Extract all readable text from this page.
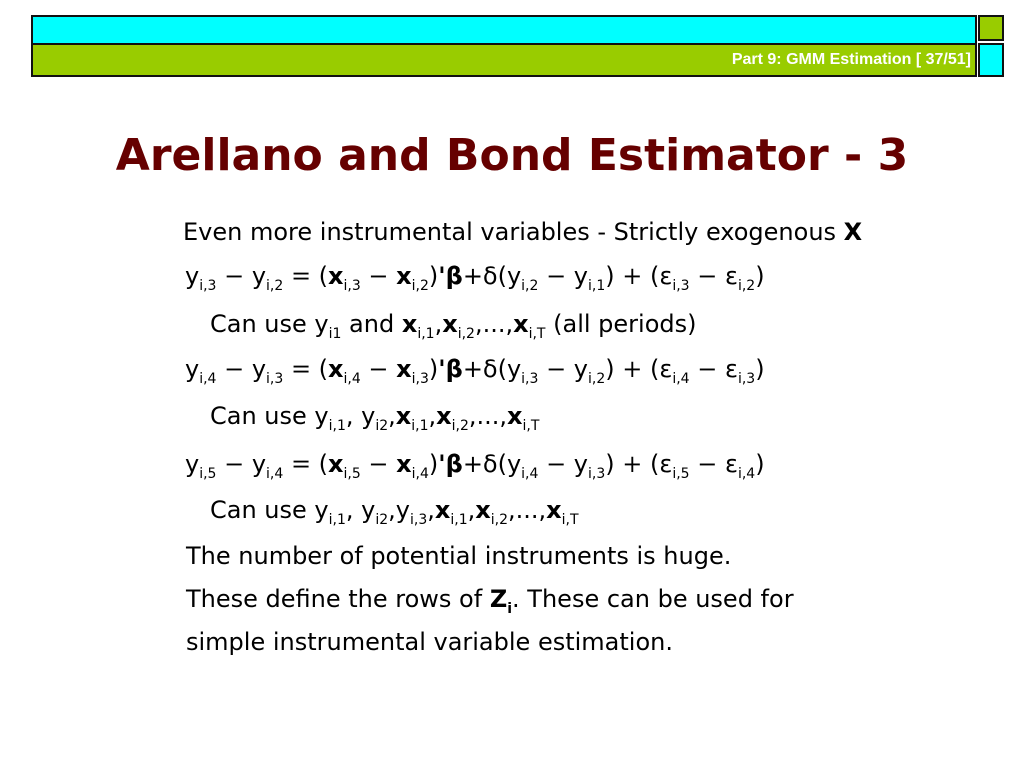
Part 9: GMM Estimation [ 37/51]
Arellano and Bond Estimator - 3
Even more instrumental variables - Strictly exogenous X
$y_{i,3} - y_{i,2} = (x_{i,3} - x_{i,2})'\beta+\delta(y_{i,2} - y_{i,1}) + (\varepsilon_{i,3} - \varepsilon_{i,2})$
Can use $y_{i1}$ and $x_{i,1},x_{i,2},...,x_{i,T}$ (all periods)
$y_{i,4} - y_{i,3} = (x_{i,4} - x_{i,3})'\beta+\delta(y_{i,3} - y_{i,2}) + (\varepsilon_{i,4} - \varepsilon_{i,3})$
Can use $y_{i,1}$, $y_{i2},x_{i,1},x_{i,2},...,x_{i,T}$
$y_{i,5} - y_{i,4} = (x_{i,5} - x_{i,4})'\beta+\delta(y_{i,4} - y_{i,3}) + (\varepsilon_{i,5} - \varepsilon_{i,4})$
Can use $y_{i,1}$, $y_{i2},y_{i,3},x_{i,1},x_{i,2},...,x_{i,T}$
The number of potential instruments is huge.
These define the rows of $Z_i$. These can be used for
simple instrumental variable estimation.
